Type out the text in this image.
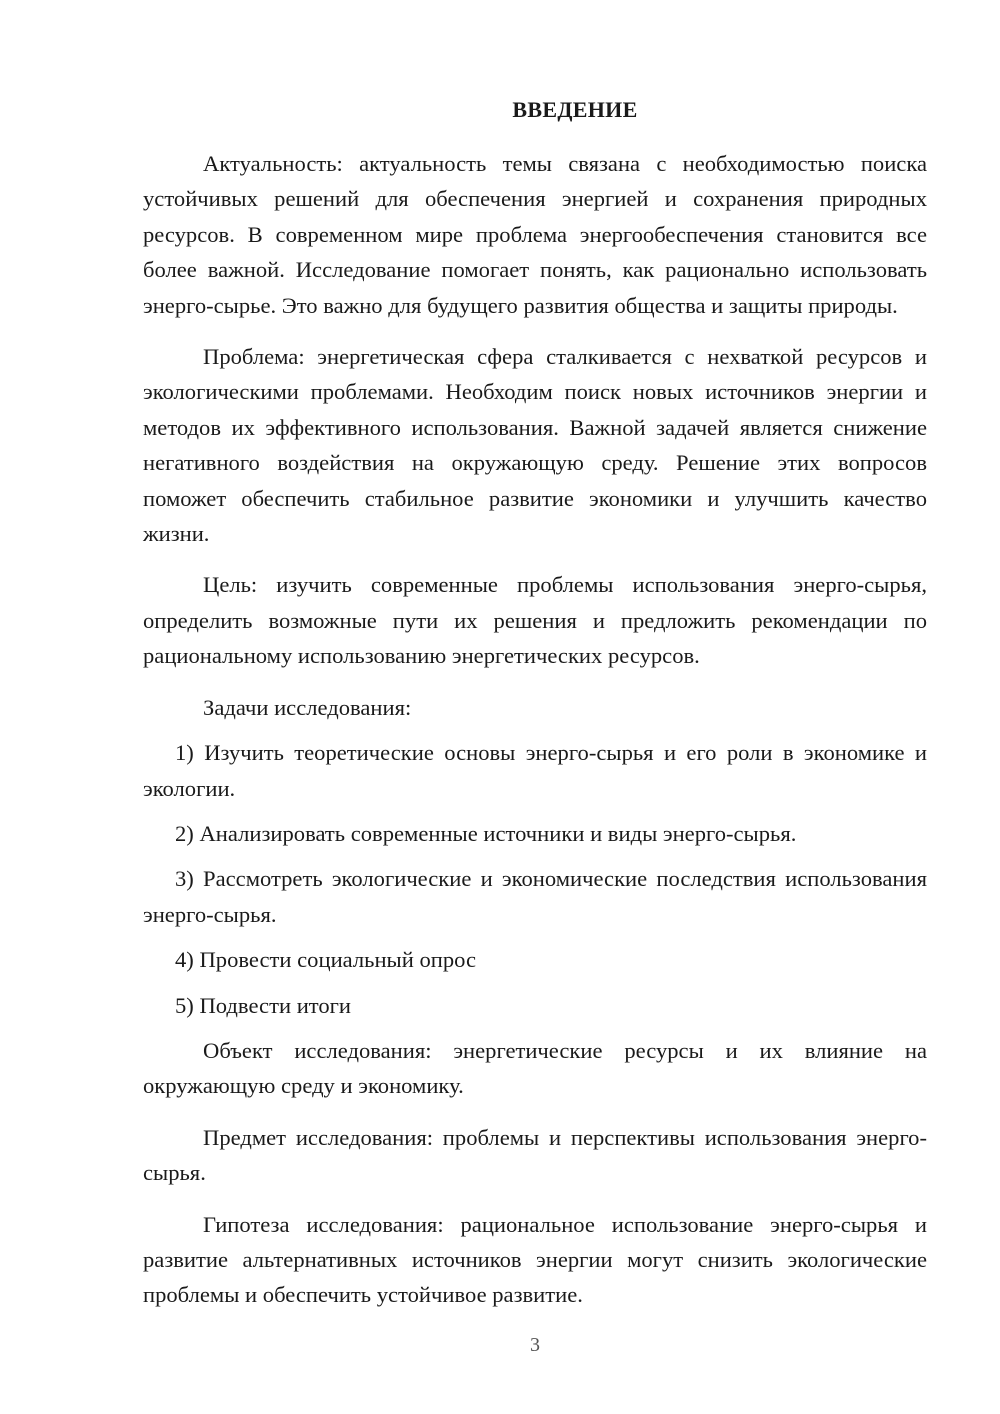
ВВЕДЕНИЕ

Актуальность: актуальность темы связана с необходимостью поиска устойчивых решений для обеспечения энергией и сохранения природных ресурсов. В современном мире проблема энергообеспечения становится все более важной. Исследование помогает понять, как рационально использовать энерго-сырье. Это важно для будущего развития общества и защиты природы.

Проблема: энергетическая сфера сталкивается с нехваткой ресурсов и экологическими проблемами. Необходим поиск новых источников энергии и методов их эффективного использования. Важной задачей является снижение негативного воздействия на окружающую среду. Решение этих вопросов поможет обеспечить стабильное развитие экономики и улучшить качество жизни.

Цель: изучить современные проблемы использования энерго-сырья, определить возможные пути их решения и предложить рекомендации по рациональному использованию энергетических ресурсов.

Задачи исследования:

1) Изучить теоретические основы энерго-сырья и его роли в экономике и экологии.

2) Анализировать современные источники и виды энерго-сырья.

3) Рассмотреть экологические и экономические последствия использования энерго-сырья.

4) Провести социальный опрос

5) Подвести итоги

Объект исследования: энергетические ресурсы и их влияние на окружающую среду и экономику.

Предмет исследования: проблемы и перспективы использования энерго-сырья.

Гипотеза исследования: рациональное использование энерго-сырья и развитие альтернативных источников энергии могут снизить экологические проблемы и обеспечить устойчивое развитие.

3
